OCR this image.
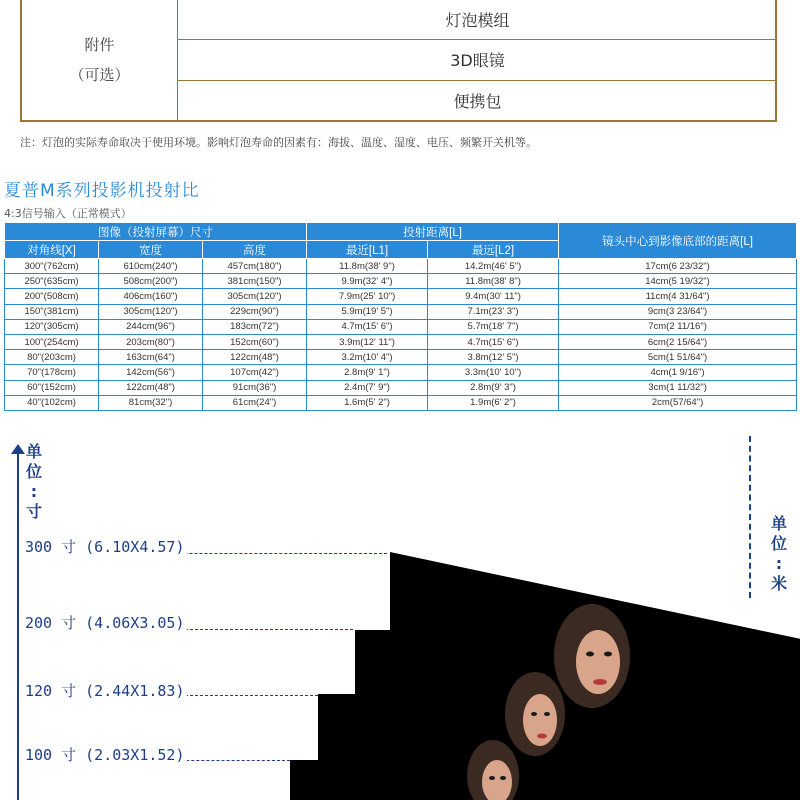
附件
（可选）
灯泡模组
3D眼镜
便携包
注：灯泡的实际寿命取决于使用环境。影响灯泡寿命的因素有：海拔、温度、湿度、电压、频繁开关机等。
夏普M系列投影机投射比
4:3信号输入（正常模式）
图像（投射屏幕）尺寸			投射距离[L]		镜头中心到影像底部的距离[L]
对角线[X]	宽度	高度	最近[L1]	最远[L2]	
300"(762cm)	610cm(240")	457cm(180")	11.8m(38' 9")	14.2m(46' 5")	17cm(6 23/32")
250"(635cm)	508cm(200")	381cm(150")	9.9m(32' 4")	11.8m(38' 8")	14cm(5 19/32")
200"(508cm)	406cm(160")	305cm(120")	7.9m(25' 10")	9.4m(30' 11")	11cm(4 31/64")
150"(381cm)	305cm(120")	229cm(90")	5.9m(19' 5")	7.1m(23' 3")	9cm(3 23/64")
120"(305cm)	244cm(96")	183cm(72")	4.7m(15' 6")	5.7m(18' 7")	7cm(2 11/16")
100"(254cm)	203cm(80")	152cm(60")	3.9m(12' 11")	4.7m(15' 6")	6cm(2 15/64")
80"(203cm)	163cm(64")	122cm(48")	3.2m(10' 4")	3.8m(12' 5")	5cm(1 51/64")
70"(178cm)	142cm(56")	107cm(42")	2.8m(9' 1")	3.3m(10' 10")	4cm(1 9/16")
60"(152cm)	122cm(48")	91cm(36")	2.4m(7' 9")	2.8m(9' 3")	3cm(1 11/32")
40"(102cm)	81cm(32")	61cm(24")	1.6m(5' 2")	1.9m(6' 2")	2cm(57/64")
单
位
:
寸
单
位
:
米
300 寸 (6.10X4.57)
200 寸 (4.06X3.05)
120 寸 (2.44X1.83)
100 寸 (2.03X1.52)
